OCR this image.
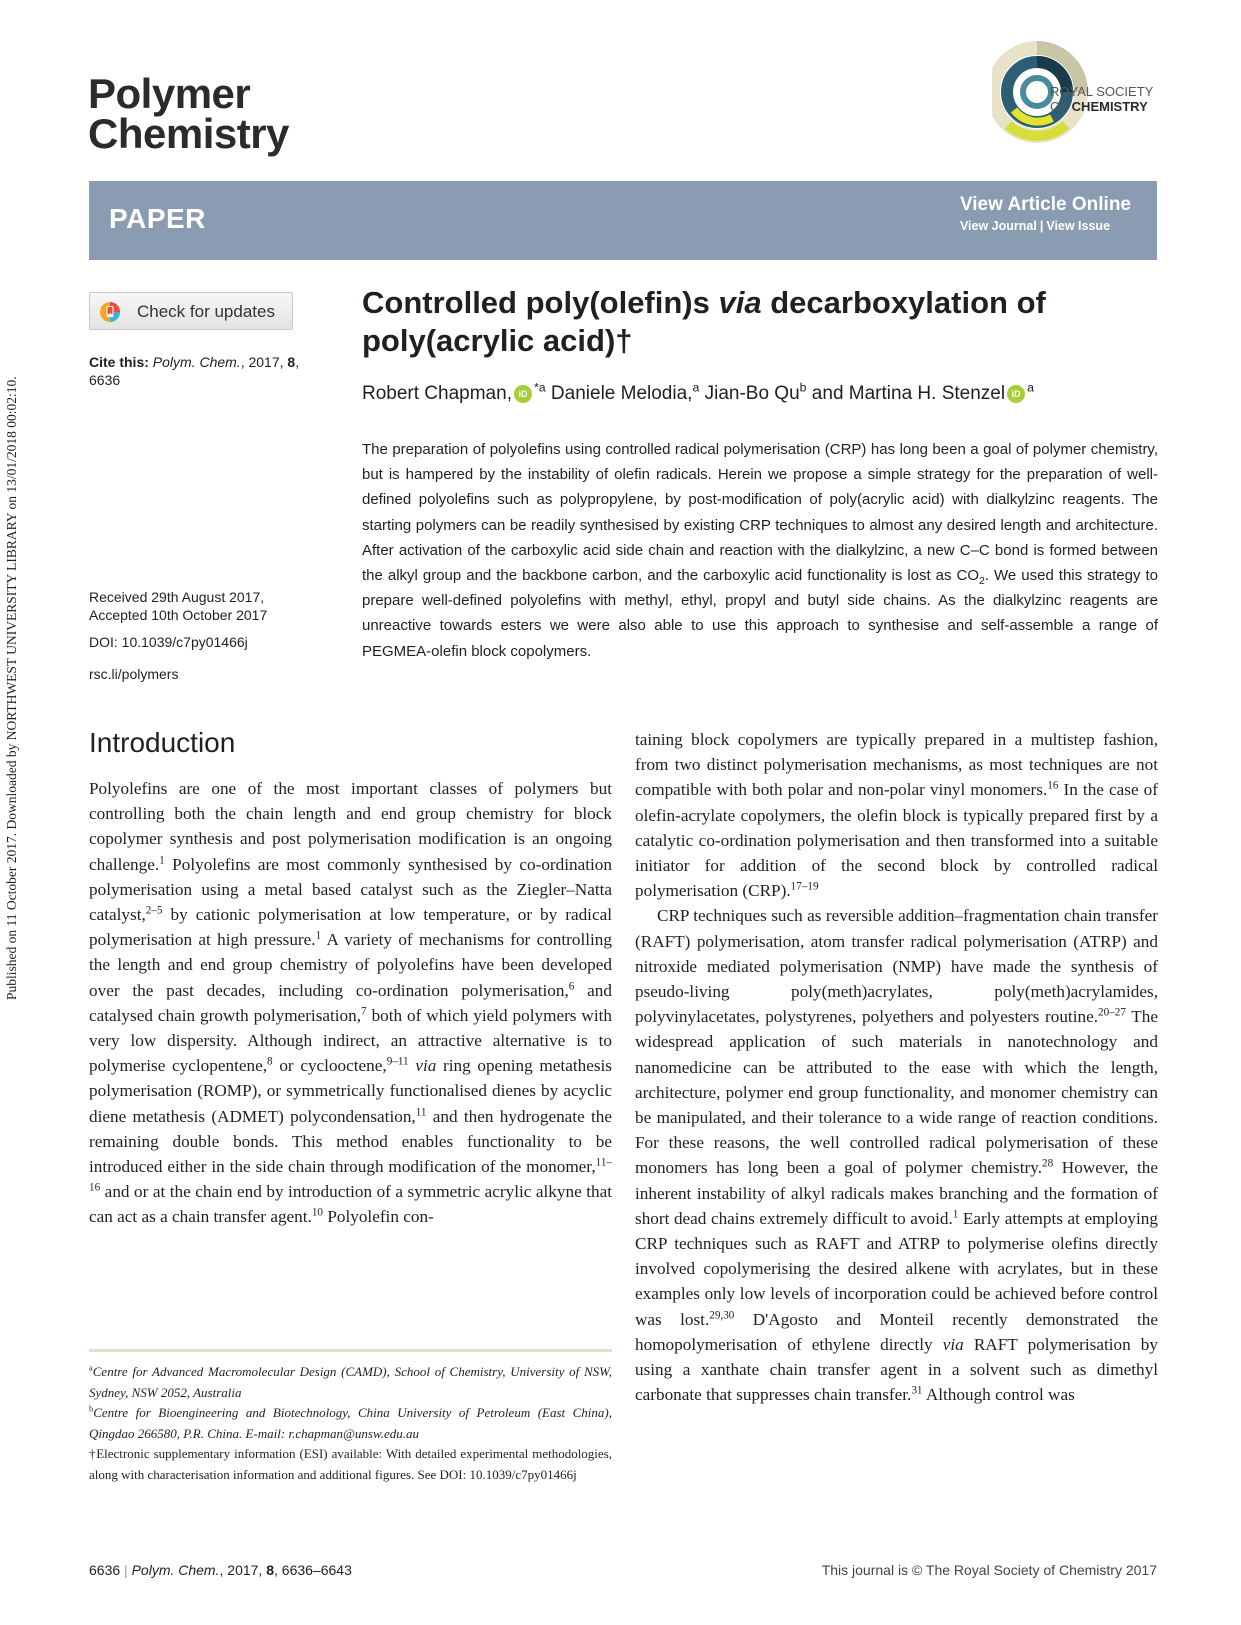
Published on 11 October 2017. Downloaded by NORTHWEST UNIVERSITY LIBRARY on 13/01/2018 00:02:10.
Polymer
Chemistry
ROYAL SOCIETY
OF CHEMISTRY
PAPER	View Article Online
View Journal | View Issue
Check for updates
Cite this: Polym. Chem., 2017, 8,
6636
Received 29th August 2017,
Accepted 10th October 2017
DOI: 10.1039/c7py01466j
rsc.li/polymers
Controlled poly(olefin)s via decarboxylation of
poly(acrylic acid)†
Robert Chapman, iD $^{*a}$ Daniele Melodia,$^a$ Jian-Bo Qu$^b$ and Martina H. Stenzel iD $^a$
The preparation of polyolefins using controlled radical polymerisation (CRP) has long been a goal of polymer chemistry, but is hampered by the instability of olefin radicals. Herein we propose a simple strategy for the preparation of well-defined polyolefins such as polypropylene, by post-modification of poly(acrylic acid) with dialkylzinc reagents. The starting polymers can be readily synthesised by existing CRP techniques to almost any desired length and architecture. After activation of the carboxylic acid side chain and reaction with the dialkylzinc, a new C–C bond is formed between the alkyl group and the backbone carbon, and the carboxylic acid functionality is lost as $CO_2$. We used this strategy to prepare well-defined polyolefins with methyl, ethyl, propyl and butyl side chains. As the dialkylzinc reagents are unreactive towards esters we were also able to use this approach to synthesise and self-assemble a range of PEGMEA-olefin block copolymers.
Introduction
Polyolefins are one of the most important classes of polymers but controlling both the chain length and end group chemistry for block copolymer synthesis and post polymerisation modification is an ongoing challenge.$^1$ Polyolefins are most commonly synthesised by co-ordination polymerisation using a metal based catalyst such as the Ziegler–Natta catalyst,$^{2-5}$ by cationic polymerisation at low temperature, or by radical polymerisation at high pressure.$^1$ A variety of mechanisms for controlling the length and end group chemistry of polyolefins have been developed over the past decades, including co-ordination polymerisation,$^6$ and catalysed chain growth polymerisation,$^7$ both of which yield polymers with very low dispersity. Although indirect, an attractive alternative is to polymerise cyclopentene,$^8$ or cyclooctene,$^{9-11}$ via ring opening metathesis polymerisation (ROMP), or symmetrically functionalised dienes by acyclic diene metathesis (ADMET) polycondensation,$^{11}$ and then hydrogenate the remaining double bonds. This method enables functionality to be introduced either in the side chain through modification of the monomer,$^{11-16}$ and or at the chain end by introduction of a symmetric acrylic alkyne that can act as a chain transfer agent.$^{10}$ Polyolefin con-

taining block copolymers are typically prepared in a multistep fashion, from two distinct polymerisation mechanisms, as most techniques are not compatible with both polar and non-polar vinyl monomers.$^{16}$ In the case of olefin-acrylate copolymers, the olefin block is typically prepared first by a catalytic co-ordination polymerisation and then transformed into a suitable initiator for addition of the second block by controlled radical polymerisation (CRP).$^{17-19}$

CRP techniques such as reversible addition–fragmentation chain transfer (RAFT) polymerisation, atom transfer radical polymerisation (ATRP) and nitroxide mediated polymerisation (NMP) have made the synthesis of pseudo-living poly(meth)acrylates, poly(meth)acrylamides, polyvinylacetates, polystyrenes, polyethers and polyesters routine.$^{20-27}$ The widespread application of such materials in nanotechnology and nanomedicine can be attributed to the ease with which the length, architecture, polymer end group functionality, and monomer chemistry can be manipulated, and their tolerance to a wide range of reaction conditions. For these reasons, the well controlled radical polymerisation of these monomers has long been a goal of polymer chemistry.$^{28}$ However, the inherent instability of alkyl radicals makes branching and the formation of short dead chains extremely difficult to avoid.$^1$ Early attempts at employing CRP techniques such as RAFT and ATRP to polymerise olefins directly involved copolymerising the desired alkene with acrylates, but in these examples only low levels of incorporation could be achieved before control was lost.$^{29,30}$ D'Agosto and Monteil recently demonstrated the homopolymerisation of ethylene directly via RAFT polymerisation by using a xanthate chain transfer agent in a solvent such as dimethyl carbonate that suppresses chain transfer.$^{31}$ Although control was

$^a$Centre for Advanced Macromolecular Design (CAMD), School of Chemistry, University of NSW, Sydney, NSW 2052, Australia
$^b$Centre for Bioengineering and Biotechnology, China University of Petroleum (East China), Qingdao 266580, P.R. China. E-mail: r.chapman@unsw.edu.au
†Electronic supplementary information (ESI) available: With detailed experimental methodologies, along with characterisation information and additional figures. See DOI: 10.1039/c7py01466j
6636 | Polym. Chem., 2017, 8, 6636–6643	This journal is © The Royal Society of Chemistry 2017
